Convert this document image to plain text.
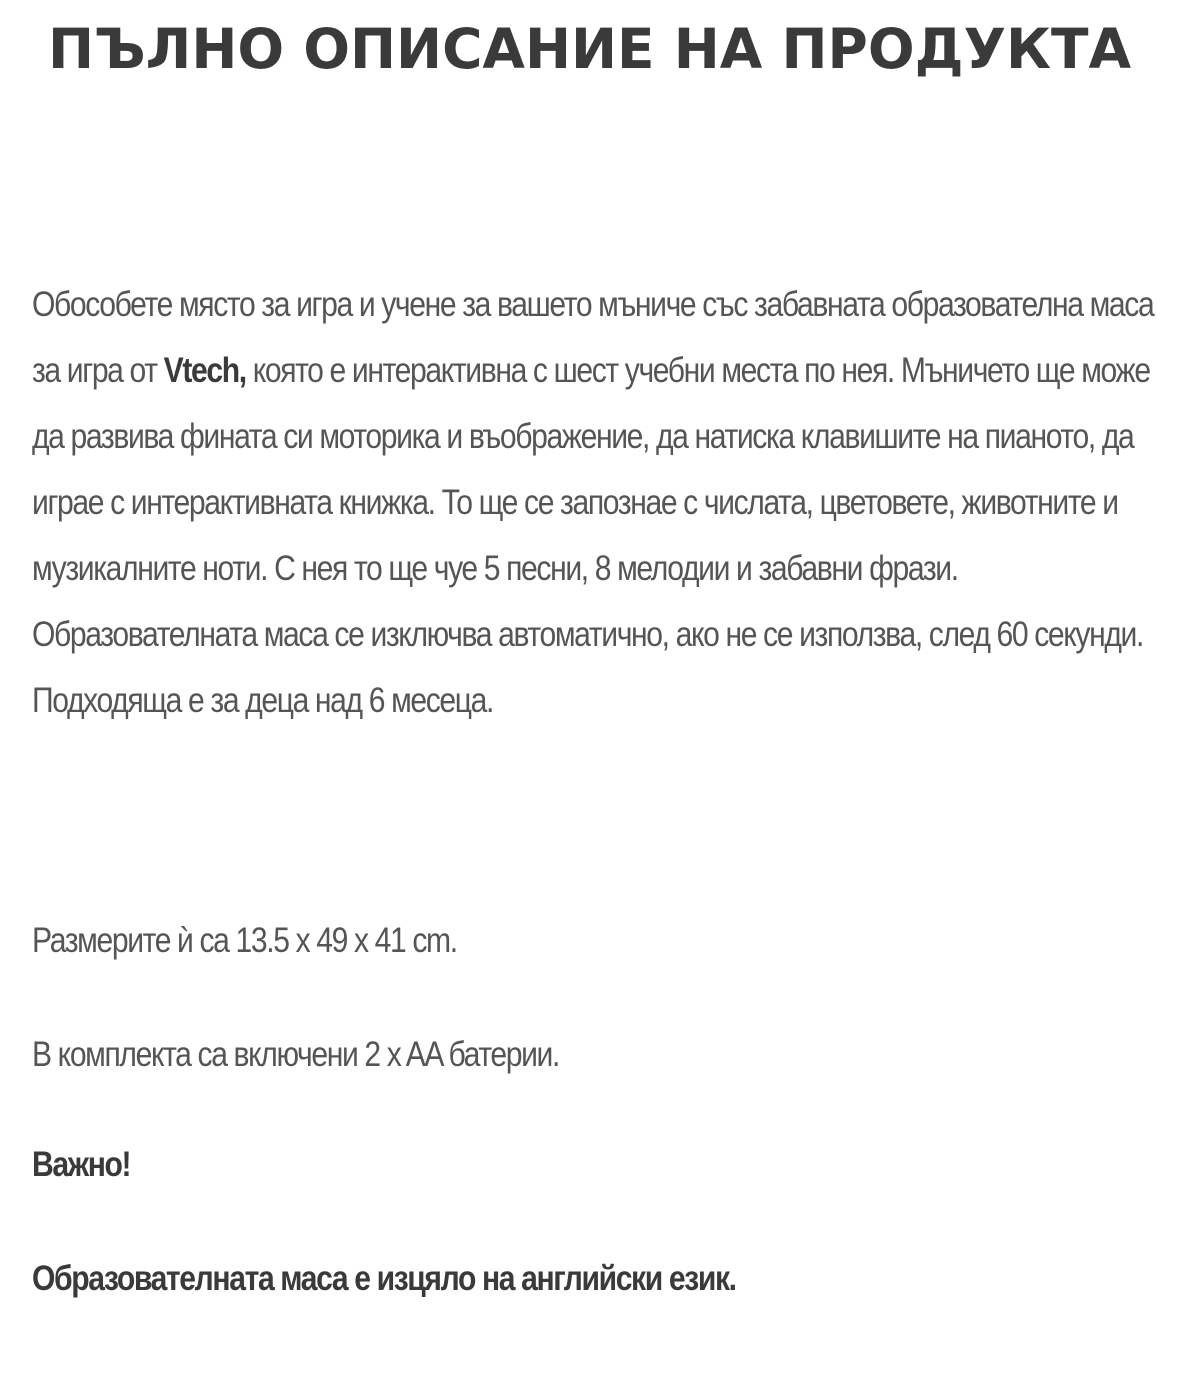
ПЪЛНО ОПИСАНИЕ НА ПРОДУКТА

Обособете място за игра и учене за вашето мъниче със забавната образователна маса за игра от Vtech, която е интерактивна с шест учебни места по нея. Мъничето ще може да развива фината си моторика и въображение, да натиска клавишите на пианото, да играе с интерактивната книжка. То ще се запознае с числата, цветовете, животните и музикалните ноти. С нея то ще чуе 5 песни, 8 мелодии и забавни фрази. Образователната маса се изключва автоматично, ако не се използва, след 60 секунди. Подходяща е за деца над 6 месеца.

Размерите ѝ са 13.5 x 49 x 41 cm.

В комплекта са включени 2 x AA батерии.

Важно!

Образователната маса е изцяло на английски език.
